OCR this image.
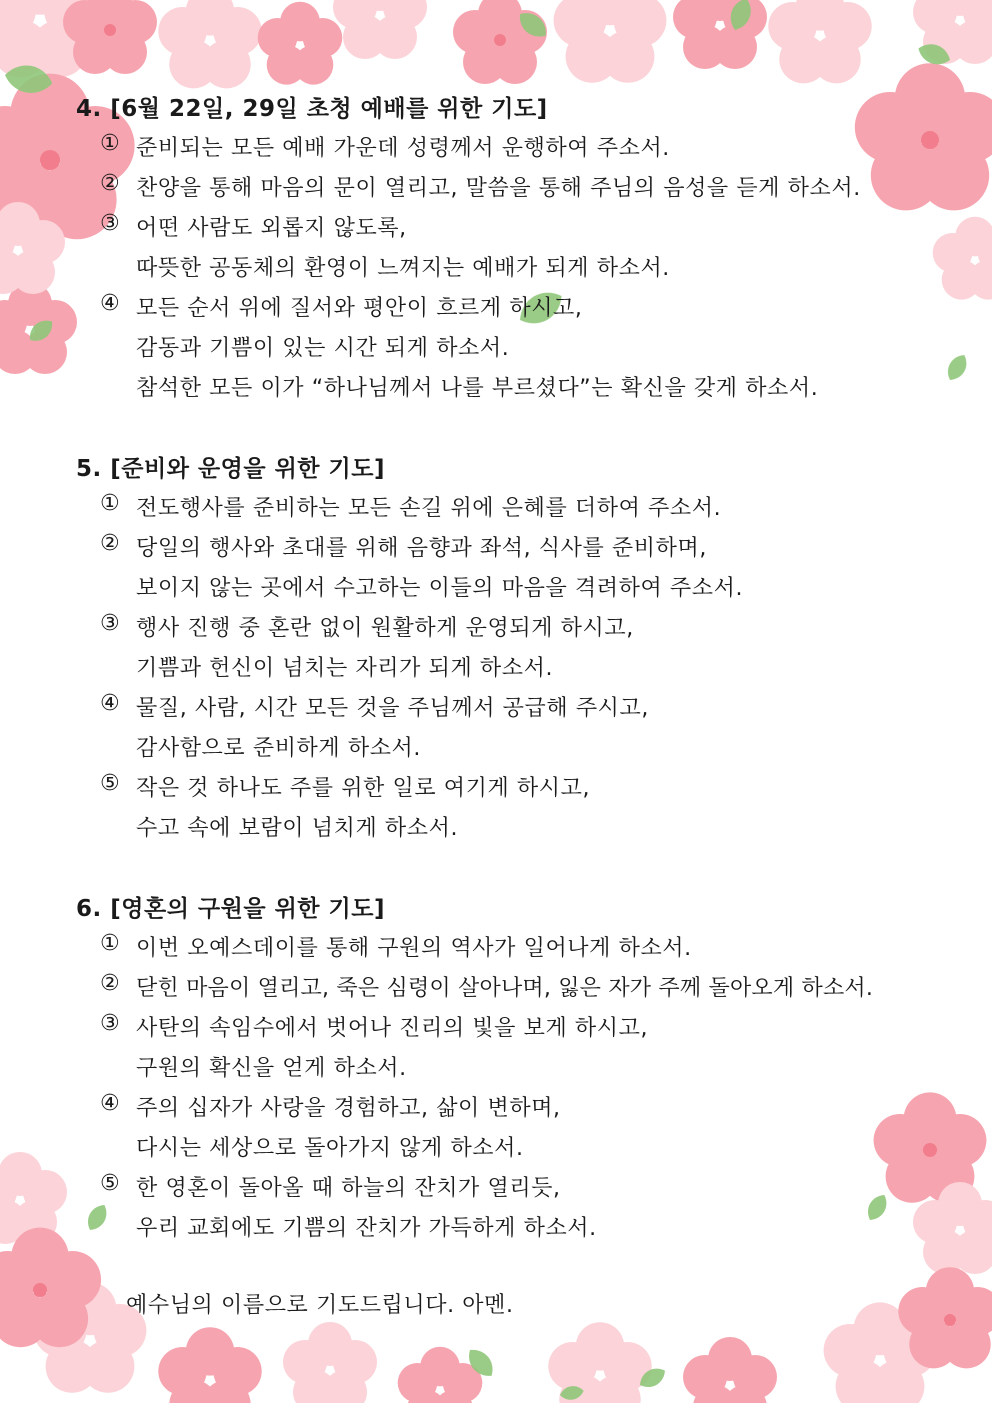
4. [6월 22일, 29일 초청 예배를 위한 기도]
① 준비되는 모든 예배 가운데 성령께서 운행하여 주소서.
② 찬양을 통해 마음의 문이 열리고, 말씀을 통해 주님의 음성을 듣게 하소서.
③ 어떤 사람도 외롭지 않도록,
따뜻한 공동체의 환영이 느껴지는 예배가 되게 하소서.
④ 모든 순서 위에 질서와 평안이 흐르게 하시고,
감동과 기쁨이 있는 시간 되게 하소서.
참석한 모든 이가 “하나님께서 나를 부르셨다”는 확신을 갖게 하소서.
5. [준비와 운영을 위한 기도]
① 전도행사를 준비하는 모든 손길 위에 은혜를 더하여 주소서.
② 당일의 행사와 초대를 위해 음향과 좌석, 식사를 준비하며,
보이지 않는 곳에서 수고하는 이들의 마음을 격려하여 주소서.
③ 행사 진행 중 혼란 없이 원활하게 운영되게 하시고,
기쁨과 헌신이 넘치는 자리가 되게 하소서.
④ 물질, 사람, 시간 모든 것을 주님께서 공급해 주시고,
감사함으로 준비하게 하소서.
⑤ 작은 것 하나도 주를 위한 일로 여기게 하시고,
수고 속에 보람이 넘치게 하소서.
6. [영혼의 구원을 위한 기도]
① 이번 오예스데이를 통해 구원의 역사가 일어나게 하소서.
② 닫힌 마음이 열리고, 죽은 심령이 살아나며, 잃은 자가 주께 돌아오게 하소서.
③ 사탄의 속임수에서 벗어나 진리의 빛을 보게 하시고,
구원의 확신을 얻게 하소서.
④ 주의 십자가 사랑을 경험하고, 삶이 변하며,
다시는 세상으로 돌아가지 않게 하소서.
⑤ 한 영혼이 돌아올 때 하늘의 잔치가 열리듯,
우리 교회에도 기쁨의 잔치가 가득하게 하소서.
예수님의 이름으로 기도드립니다. 아멘.
